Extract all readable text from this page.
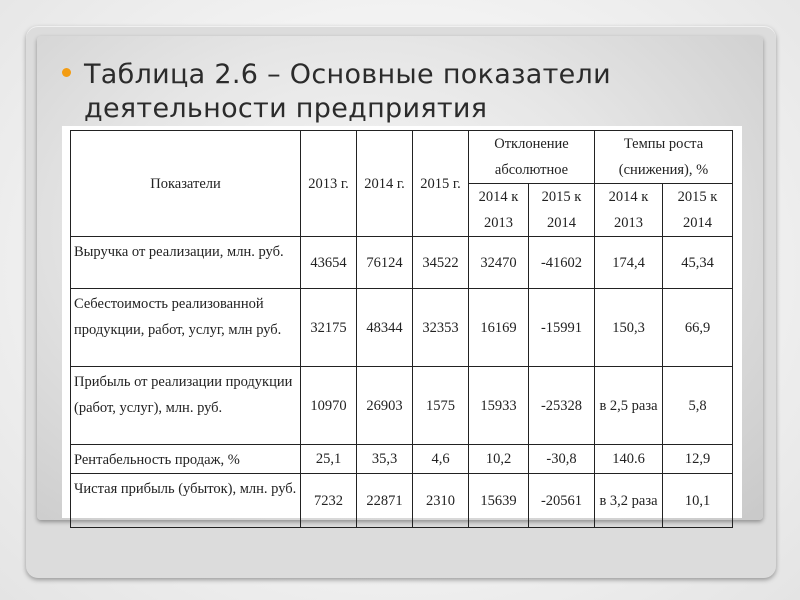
Таблица 2.6 – Основные показатели деятельности предприятия
Показатели	2013 г.	2014 г.	2015 г.	Отклонение абсолютное		Темпы роста (снижения), %	
				2014 к 2013	2015 к 2014	2014 к 2013	2015 к 2014
Выручка от реализации, млн. руб.	43654	76124	34522	32470	-41602	174,4	45,34
Себестоимость реализованной продукции, работ, услуг, млн руб.	32175	48344	32353	16169	-15991	150,3	66,9
Прибыль от реализации продукции (работ, услуг), млн. руб.	10970	26903	1575	15933	-25328	в 2,5 раза	5,8
Рентабельность продаж, %	25,1	35,3	4,6	10,2	-30,8	140.6	12,9
Чистая прибыль (убыток), млн. руб.	7232	22871	2310	15639	-20561	в 3,2 раза	10,1
